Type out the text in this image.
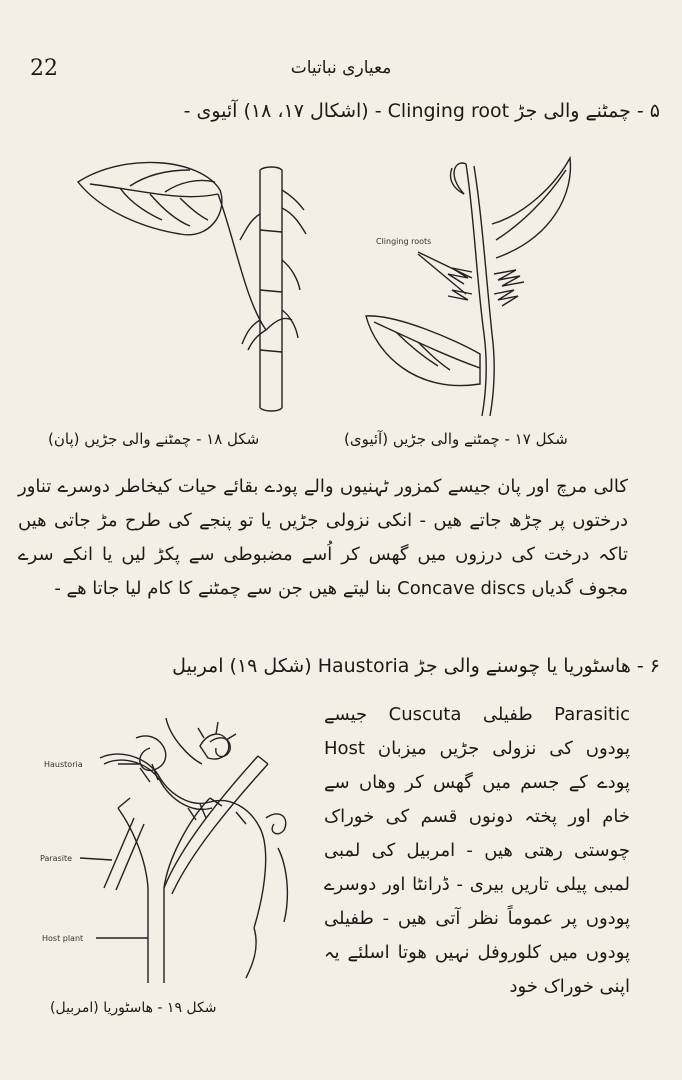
22	معیاری نباتیات
۵ - چمٹنے والی جڑ Clinging root - (اشکال ۱۷، ۱۸) آئیوی -
Clinging roots
شکل ۱۸ - چمٹنے والی جڑیں (پان)	شکل ۱۷ - چمٹنے والی جڑیں (آئیوی)
کالی مرچ اور پان جیسے کمزور ٹہنیوں والے پودے بقائے حیات کیخاطر دوسرے تناور درختوں پر چڑھ جاتے ھیں - انکی نزولی جڑیں یا تو پنجے کی طرح مڑ جاتی ھیں تاکہ درخت کی درزوں میں گھس کر اُسے مضبوطی سے پکڑ لیں یا انکے سرے مجوف گدیاں Concave discs بنا لیتے ھیں جن سے چمٹنے کا کام لیا جاتا ھے -
۶ - ھاسٹوریا یا چوسنے والی جڑ Haustoria (شکل ۱۹) امربیل
Haustoria
Parasite
Host plant
شکل ۱۹ - ھاسٹوریا (امربیل)
Parasitic طفیلی Cuscuta جیسے پودوں کی نزولی جڑیں میزبان Host پودے کے جسم میں گھس کر وھاں سے خام اور پختہ دونوں قسم کی خوراک چوستی رھتی ھیں - امربیل کی لمبی لمبی پیلی تاریں بیری - ڈرانٹا اور دوسرے پودوں پر عموماً نظر آتی ھیں - طفیلی پودوں میں کلوروفل نہیں ھوتا اسلئے یہ اپنی خوراک خود
